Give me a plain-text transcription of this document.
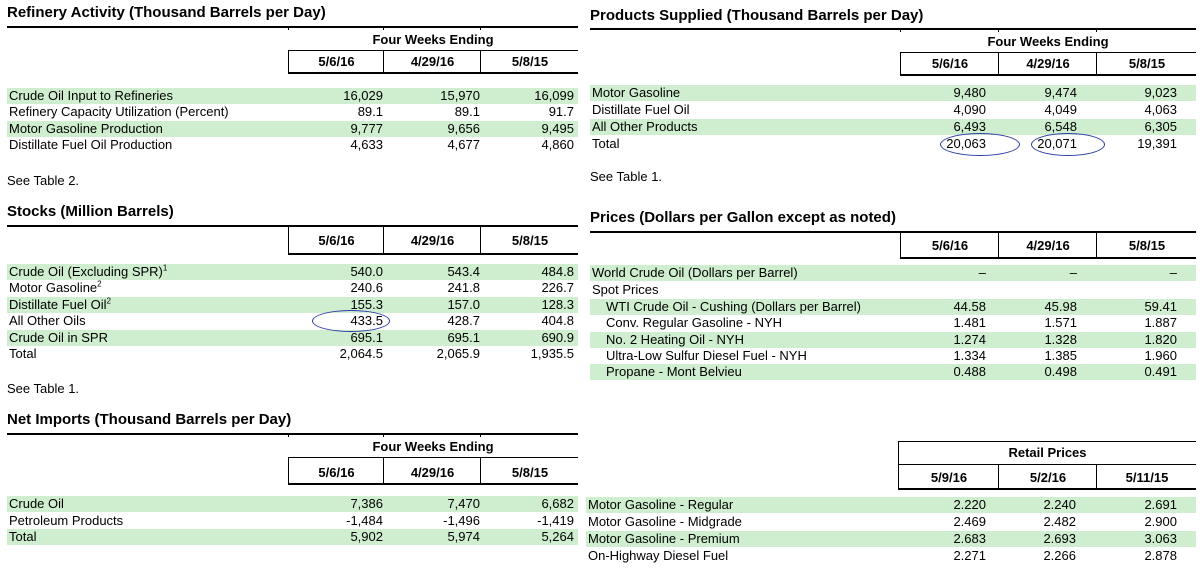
Refinery Activity (Thousand Barrels per Day)
5/6/16	4/29/16	5/8/15
Four Weeks Ending
Crude Oil Input to Refineries	16,029	15,970	16,099
Refinery Capacity Utilization (Percent)	89.1	89.1	91.7
Motor Gasoline Production	9,777	9,656	9,495
Distillate Fuel Oil Production	4,633	4,677	4,860
See Table 2.
Stocks (Million Barrels)
5/6/16	4/29/16	5/8/15
Crude Oil (Excluding SPR)$^1$	540.0	543.4	484.8
Motor Gasoline$^2$	240.6	241.8	226.7
Distillate Fuel Oil$^2$	155.3	157.0	128.3
All Other Oils	433.5	428.7	404.8
Crude Oil in SPR	695.1	695.1	690.9
Total	2,064.5	2,065.9	1,935.5
See Table 1.
Net Imports (Thousand Barrels per Day)
5/6/16	4/29/16	5/8/15
Four Weeks Ending
Crude Oil	7,386	7,470	6,682
Petroleum Products	-1,484	-1,496	-1,419
Total	5,902	5,974	5,264
Products Supplied (Thousand Barrels per Day)
5/6/16	4/29/16	5/8/15
Four Weeks Ending
Motor Gasoline	9,480	9,474	9,023
Distillate Fuel Oil	4,090	4,049	4,063
All Other Products	6,493	6,548	6,305
Total	20,063	20,071	19,391
See Table 1.
Prices (Dollars per Gallon except as noted)
5/6/16	4/29/16	5/8/15
World Crude Oil (Dollars per Barrel)	–	–	–
Spot Prices
WTI Crude Oil - Cushing (Dollars per Barrel)	44.58	45.98	59.41
Conv. Regular Gasoline - NYH	1.481	1.571	1.887
No. 2 Heating Oil - NYH	1.274	1.328	1.820
Ultra-Low Sulfur Diesel Fuel - NYH	1.334	1.385	1.960
Propane - Mont Belvieu	0.488	0.498	0.491
5/9/16	5/2/16	5/11/15
Retail Prices
Motor Gasoline - Regular	2.220	2.240	2.691
Motor Gasoline - Midgrade	2.469	2.482	2.900
Motor Gasoline - Premium	2.683	2.693	3.063
On-Highway Diesel Fuel	2.271	2.266	2.878
